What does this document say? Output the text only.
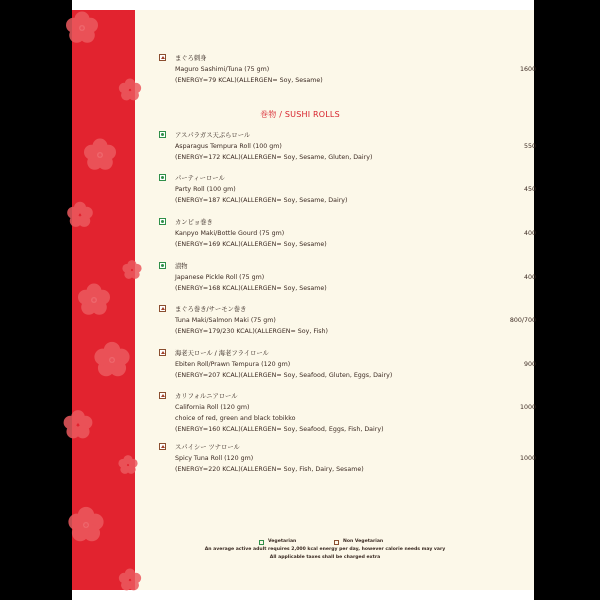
巻物 / SUSHI ROLLS
まぐろ刺身
Maguro Sashimi/Tuna (75 gm)
(ENERGY=79 KCAL)(ALLERGEN= Soy, Sesame)
1600
アスパラガス天ぷらロール
Asparagus Tempura Roll (100 gm)
(ENERGY=172 KCAL)(ALLERGEN= Soy, Sesame, Gluten, Dairy)
550
パーティーロール
Party Roll (100 gm)
(ENERGY=187 KCAL)(ALLERGEN= Soy, Sesame, Dairy)
450
カンピョ巻き
Kanpyo Maki/Bottle Gourd (75 gm)
(ENERGY=169 KCAL)(ALLERGEN= Soy, Sesame)
400
漬物
Japanese Pickle Roll (75 gm)
(ENERGY=168 KCAL)(ALLERGEN= Soy, Sesame)
400
まぐろ巻き/サーモン巻き
Tuna Maki/Salmon Maki (75 gm)
(ENERGY=179/230 KCAL)(ALLERGEN= Soy, Fish)
800/700
海老天ロール / 海老フライロール
Ebiten Roll/Prawn Tempura (120 gm)
(ENERGY=207 KCAL)(ALLERGEN= Soy, Seafood, Gluten, Eggs, Dairy)
900
カリフォルニアロール
California Roll (120 gm)
choice of red, green and black tobikko
(ENERGY=160 KCAL)(ALLERGEN= Soy, Seafood, Eggs, Fish, Dairy)
1000
スパイシー ツナロール
Spicy Tuna Roll (120 gm)
(ENERGY=220 KCAL)(ALLERGEN= Soy, Fish, Dairy, Sesame)
1000
Vegetarian	Non Vegetarian
An average active adult requires 2,000 kcal energy per day, however calorie needs may vary
All applicable taxes shall be charged extra
